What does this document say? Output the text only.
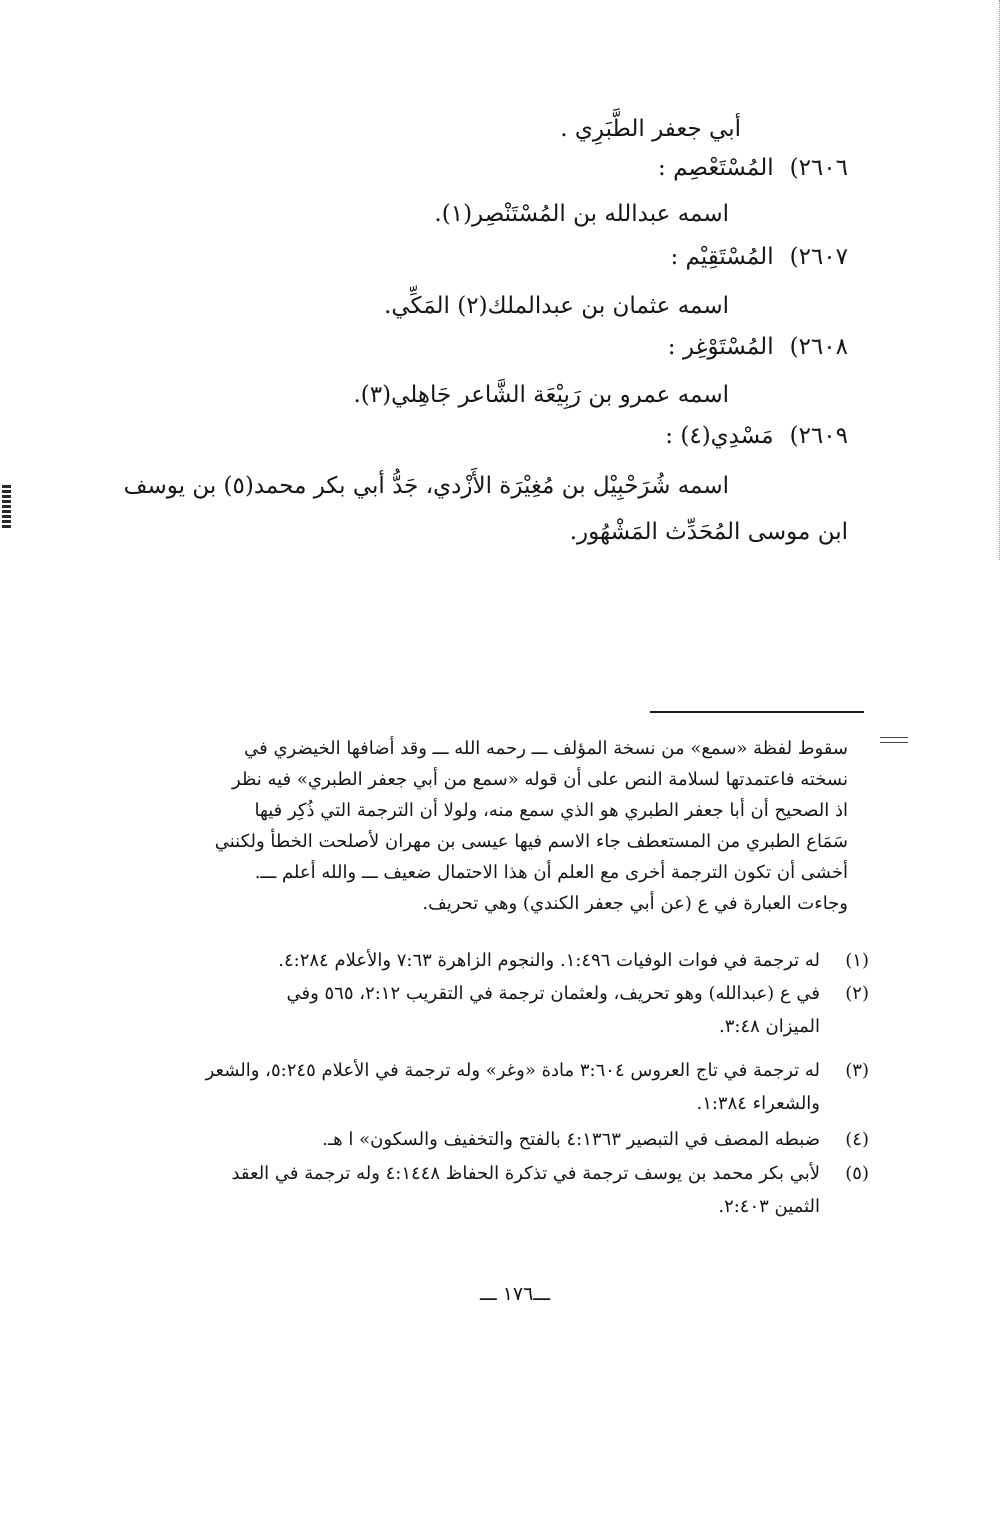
أبي جعفر الطَّبَرِي .
٢٦٠٦)المُسْتَعْصِم :
اسمه عبدالله بن المُسْتَنْصِر(١).
٢٦٠٧)المُسْتَقِيْم :
اسمه عثمان بن عبدالملك(٢) المَكِّي.
٢٦٠٨)المُسْتَوْغِر :
اسمه عمرو بن رَبِيْعَة الشَّاعر جَاهِلي(٣).
٢٦٠٩)مَسْدِي(٤) :
اسمه شُرَحْبِيْل بن مُغِيْرَة الأَزْدي، جَدُّ أبي بكر محمد(٥) بن يوسف
ابن موسى المُحَدِّث المَشْهُور.
سقوط لفظة «سمع» من نسخة المؤلف ـــ رحمه الله ـــ وقد أضافها الخيضري في
نسخته فاعتمدتها لسلامة النص على أن قوله «سمع من أبي جعفر الطبري» فيه نظر
اذ الصحيح أن أبا جعفر الطبري هو الذي سمع منه، ولولا أن الترجمة التي ذُكِر فيها
سَمَاع الطبري من المستعطف جاء الاسم فيها عيسى بن مهران لأصلحت الخطأ ولكنني
أخشى أن تكون الترجمة أخرى مع العلم أن هذا الاحتمال ضعيف ـــ والله أعلم ـــ.
وجاءت العبارة في ع (عن أبي جعفر الكندي) وهي تحريف.
(١)
له ترجمة في فوات الوفيات ١:٤٩٦. والنجوم الزاهرة ٧:٦٣ والأعلام ٤:٢٨٤.
(٢)
في ع (عبدالله) وهو تحريف، ولعثمان ترجمة في التقريب ٢:١٢، ٥٦٥ وفي
الميزان ٣:٤٨.
(٣)
له ترجمة في تاج العروس ٣:٦٠٤ مادة «وغر» وله ترجمة في الأعلام ٥:٢٤٥، والشعر
والشعراء ١:٣٨٤.
(٤)
ضبطه المصف في التبصير ٤:١٣٦٣ بالفتح والتخفيف والسكون» ا هـ.
(٥)
لأبي بكر محمد بن يوسف ترجمة في تذكرة الحفاظ ٤:١٤٤٨ وله ترجمة في العقد
الثمين ٢:٤٠٣.
ـــ١٧٦ ـــ
